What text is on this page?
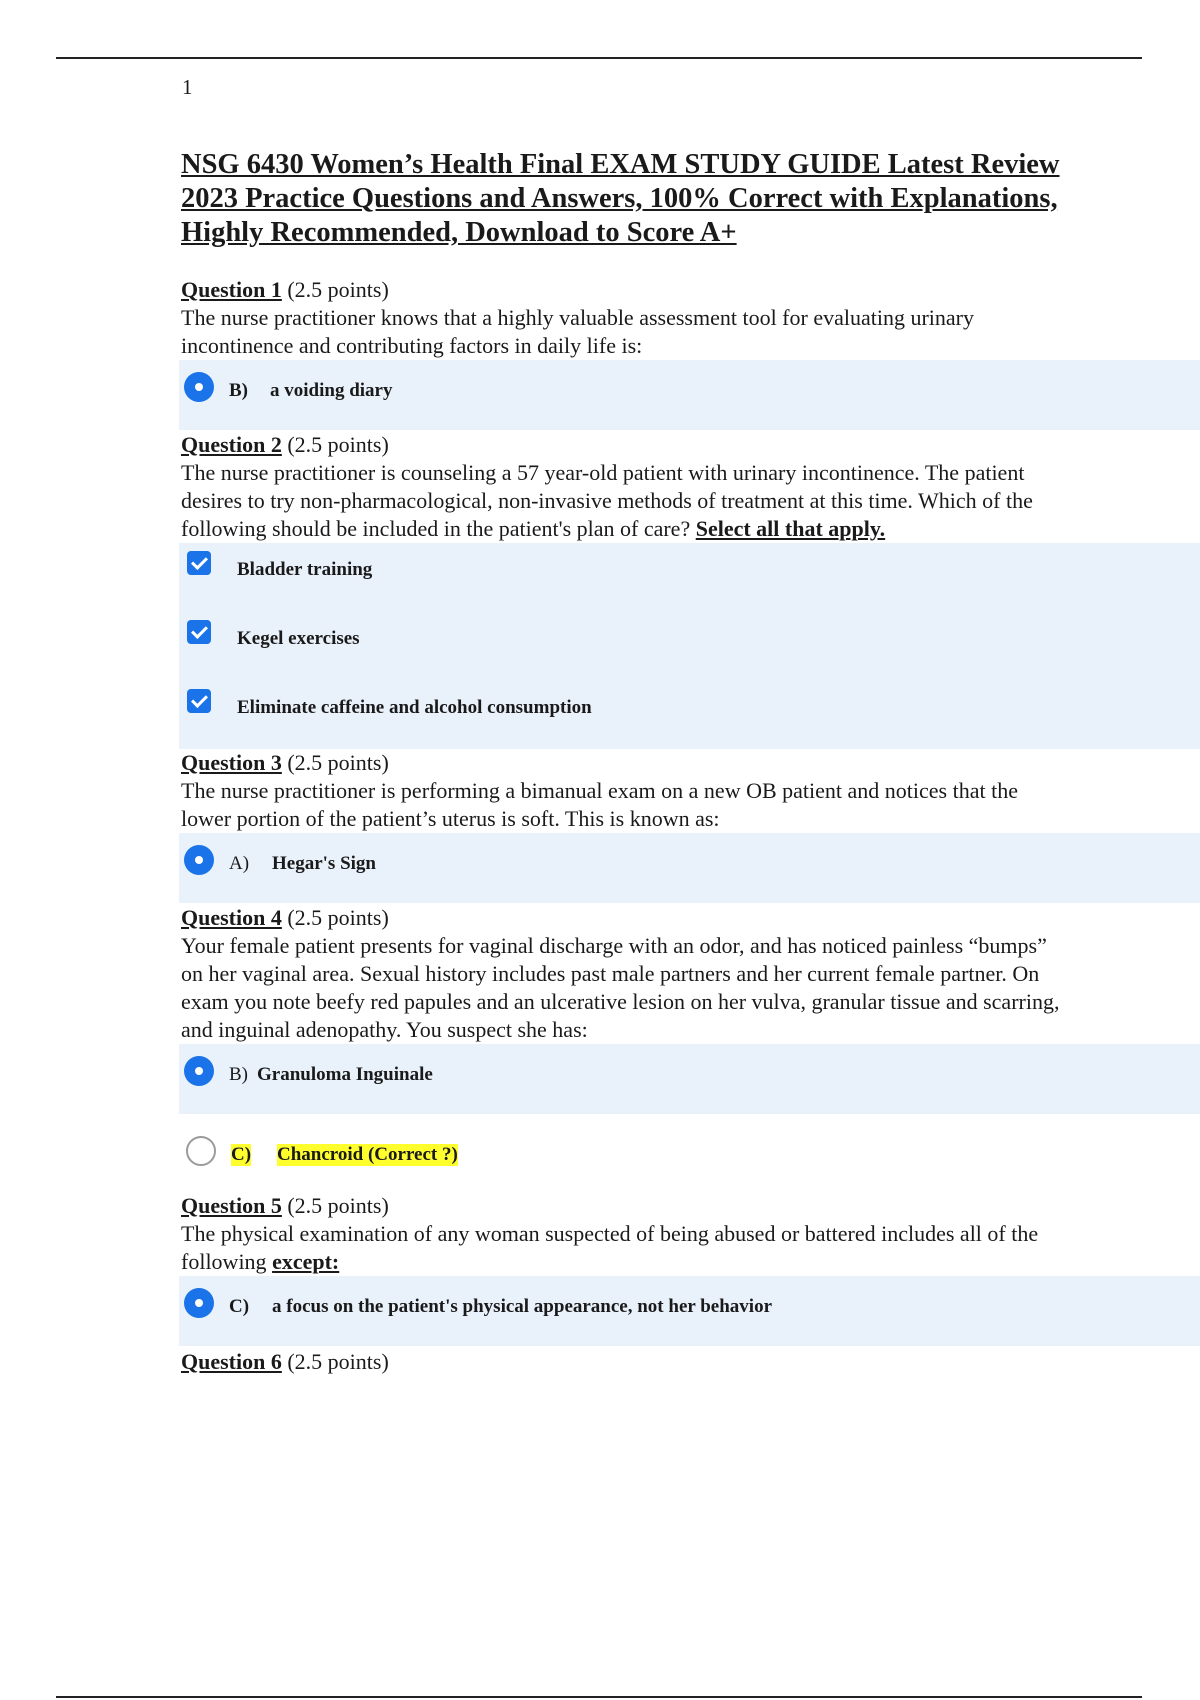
1
NSG 6430 Women’s Health Final EXAM STUDY GUIDE Latest Review 2023 Practice Questions and Answers, 100% Correct with Explanations, Highly Recommended, Download to Score A+
Question 1 (2.5 points)
The nurse practitioner knows that a highly valuable assessment tool for evaluating urinary incontinence and contributing factors in daily life is:
B) a voiding diary
Question 2 (2.5 points)
The nurse practitioner is counseling a 57 year-old patient with urinary incontinence. The patient desires to try non-pharmacological, non-invasive methods of treatment at this time. Which of the following should be included in the patient's plan of care? Select all that apply.
Bladder training
Kegel exercises
Eliminate caffeine and alcohol consumption
Question 3 (2.5 points)
The nurse practitioner is performing a bimanual exam on a new OB patient and notices that the lower portion of the patient’s uterus is soft. This is known as:
A) Hegar's Sign
Question 4 (2.5 points)
Your female patient presents for vaginal discharge with an odor, and has noticed painless “bumps” on her vaginal area. Sexual history includes past male partners and her current female partner. On exam you note beefy red papules and an ulcerative lesion on her vulva, granular tissue and scarring, and inguinal adenopathy. You suspect she has:
B) Granuloma Inguinale
C) Chancroid (Correct ?)
Question 5 (2.5 points)
The physical examination of any woman suspected of being abused or battered includes all of the following except:
C) a focus on the patient's physical appearance, not her behavior
Question 6 (2.5 points)
